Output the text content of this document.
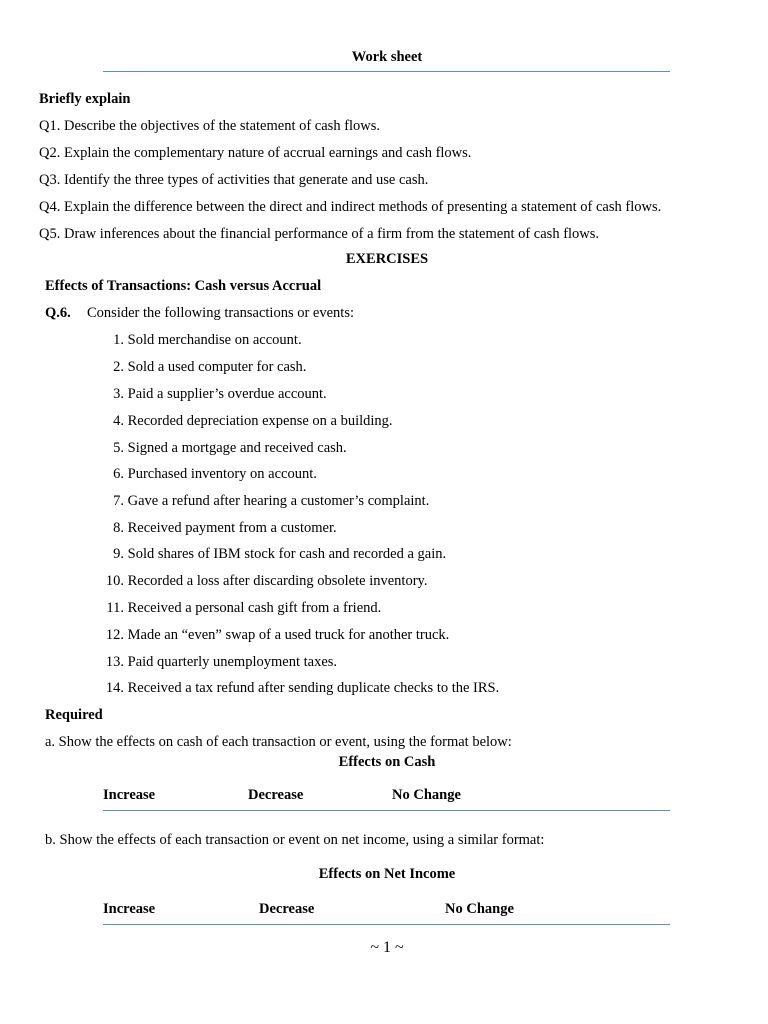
Work sheet
Briefly explain
Q1. Describe the objectives of the statement of cash flows.
Q2. Explain the complementary nature of accrual earnings and cash flows.
Q3. Identify the three types of activities that generate and use cash.
Q4. Explain the difference between the direct and indirect methods of presenting a statement of cash flows.
Q5. Draw inferences about the financial performance of a firm from the statement of cash flows.
EXERCISES
Effects of Transactions: Cash versus Accrual
Q.6. Consider the following transactions or events:
1. Sold merchandise on account.
2. Sold a used computer for cash.
3. Paid a supplier’s overdue account.
4. Recorded depreciation expense on a building.
5. Signed a mortgage and received cash.
6. Purchased inventory on account.
7. Gave a refund after hearing a customer’s complaint.
8. Received payment from a customer.
9. Sold shares of IBM stock for cash and recorded a gain.
10. Recorded a loss after discarding obsolete inventory.
11. Received a personal cash gift from a friend.
12. Made an “even” swap of a used truck for another truck.
13. Paid quarterly unemployment taxes.
14. Received a tax refund after sending duplicate checks to the IRS.
Required
a. Show the effects on cash of each transaction or event, using the format below:
Effects on Cash
Increase	Decrease	No Change
b. Show the effects of each transaction or event on net income, using a similar format:
Effects on Net Income
Increase	Decrease	No Change
~ 1 ~
